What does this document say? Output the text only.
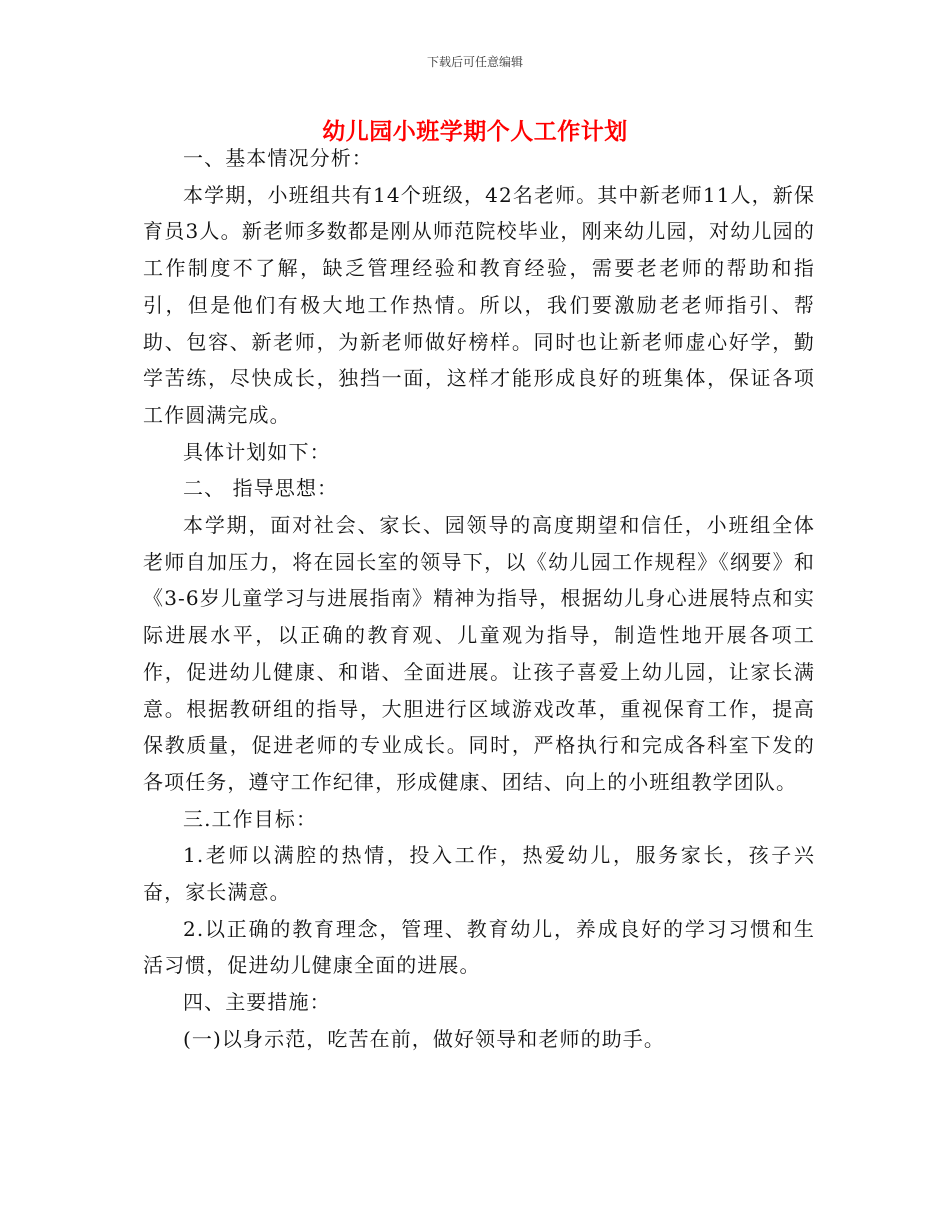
下载后可任意编辑
幼儿园小班学期个人工作计划

一、基本情况分析：

本学期，小班组共有14个班级，42名老师。其中新老师11人，新保育员3人。新老师多数都是刚从师范院校毕业，刚来幼儿园，对幼儿园的工作制度不了解，缺乏管理经验和教育经验，需要老老师的帮助和指引，但是他们有极大地工作热情。所以，我们要激励老老师指引、帮助、包容、新老师，为新老师做好榜样。同时也让新老师虚心好学，勤学苦练，尽快成长，独挡一面，这样才能形成良好的班集体，保证各项工作圆满完成。

具体计划如下：

二、 指导思想：

本学期，面对社会、家长、园领导的高度期望和信任，小班组全体老师自加压力，将在园长室的领导下，以《幼儿园工作规程》《纲要》和《3-6岁儿童学习与进展指南》精神为指导，根据幼儿身心进展特点和实际进展水平，以正确的教育观、儿童观为指导，制造性地开展各项工作，促进幼儿健康、和谐、全面进展。让孩子喜爱上幼儿园，让家长满意。根据教研组的指导，大胆进行区域游戏改革，重视保育工作，提高保教质量，促进老师的专业成长。同时，严格执行和完成各科室下发的各项任务，遵守工作纪律，形成健康、团结、向上的小班组教学团队。

三.工作目标：

1.老师以满腔的热情，投入工作，热爱幼儿，服务家长，孩子兴奋，家长满意。

2.以正确的教育理念，管理、教育幼儿，养成良好的学习习惯和生活习惯，促进幼儿健康全面的进展。

四、主要措施：

(一)以身示范，吃苦在前，做好领导和老师的助手。
